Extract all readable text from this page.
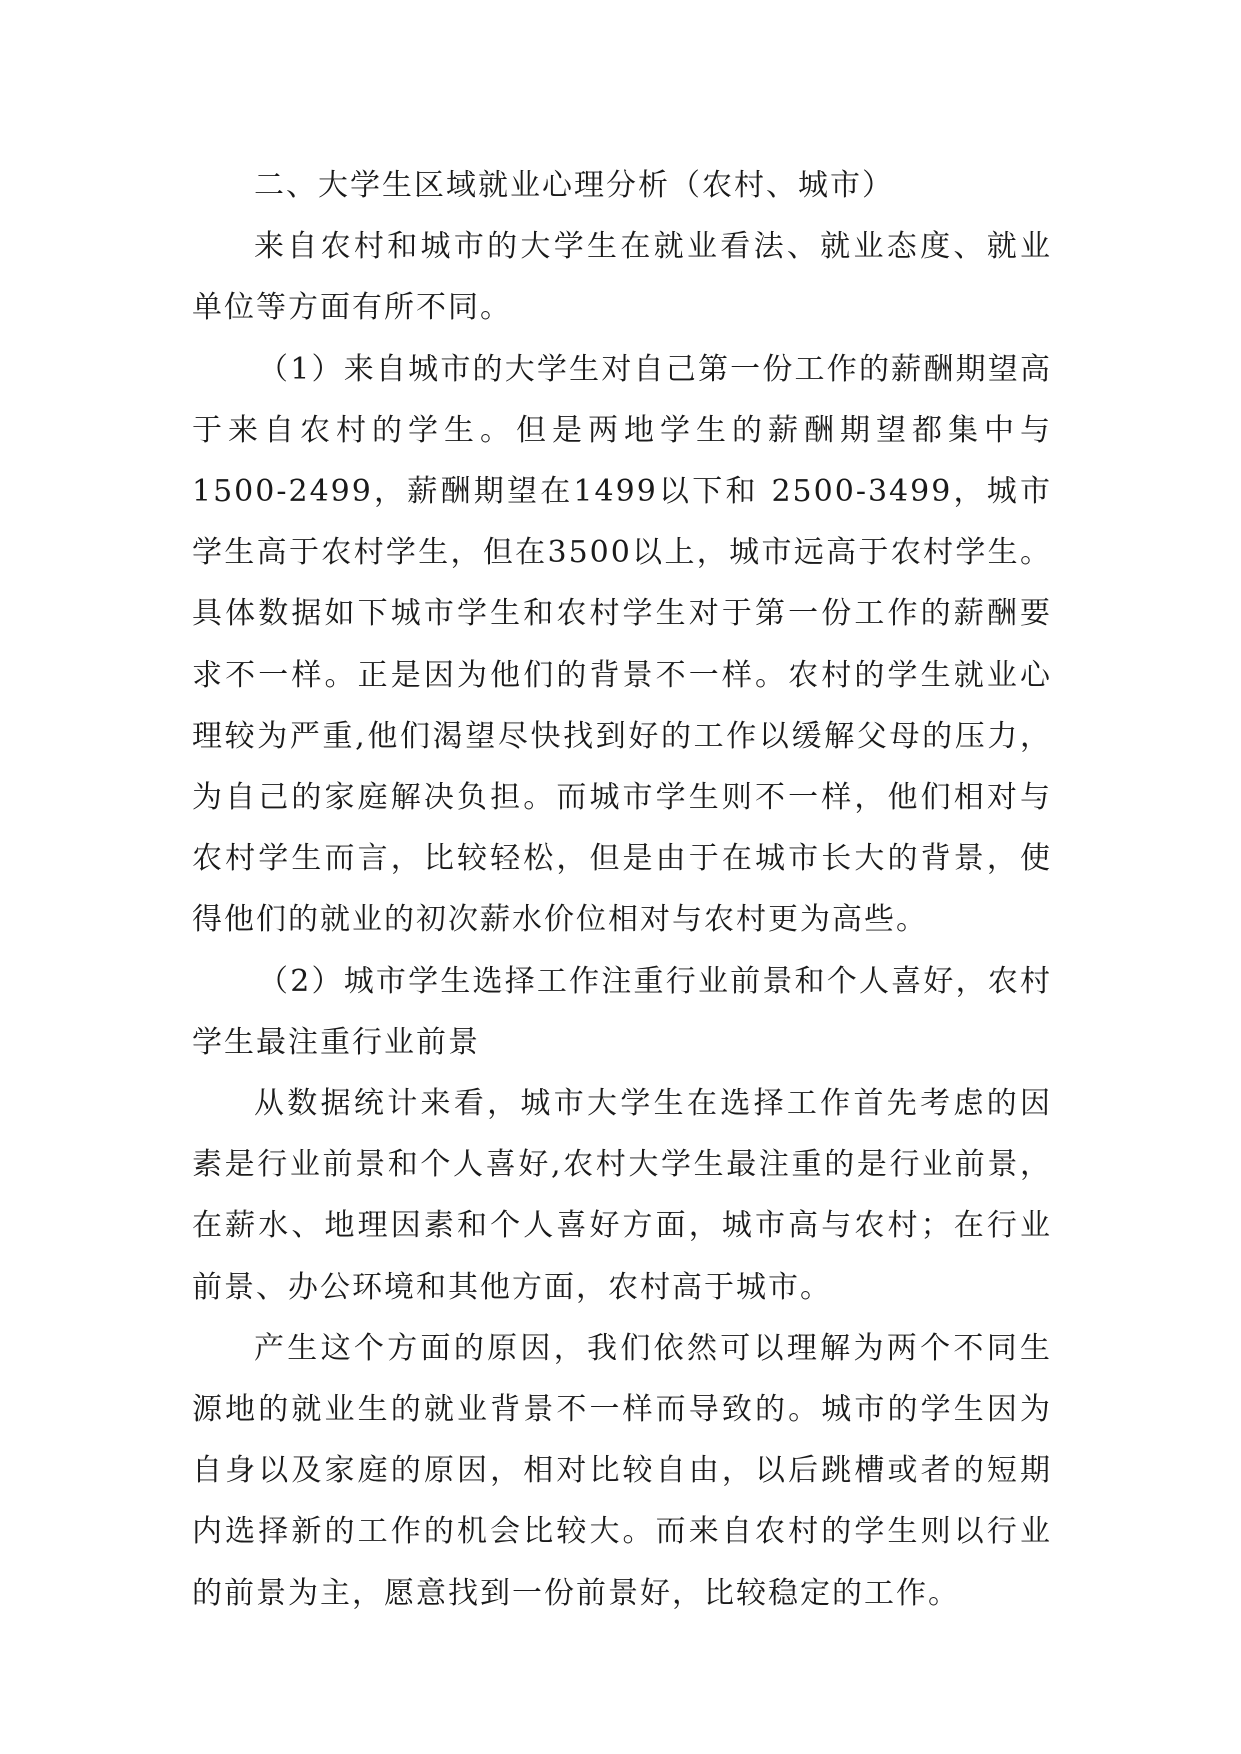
二、大学生区域就业心理分析（农村、城市）

来自农村和城市的大学生在就业看法、就业态度、就业单位等方面有所不同。

（1）来自城市的大学生对自己第一份工作的薪酬期望高于来自农村的学生。但是两地学生的薪酬期望都集中与1500-2499，薪酬期望在1499以下和 2500-3499，城市学生高于农村学生，但在3500以上，城市远高于农村学生。具体数据如下城市学生和农村学生对于第一份工作的薪酬要求不一样。正是因为他们的背景不一样。农村的学生就业心理较为严重,他们渴望尽快找到好的工作以缓解父母的压力，为自己的家庭解决负担。而城市学生则不一样，他们相对与农村学生而言，比较轻松，但是由于在城市长大的背景，使得他们的就业的初次薪水价位相对与农村更为高些。

（2）城市学生选择工作注重行业前景和个人喜好，农村学生最注重行业前景

从数据统计来看，城市大学生在选择工作首先考虑的因素是行业前景和个人喜好,农村大学生最注重的是行业前景，在薪水、地理因素和个人喜好方面，城市高与农村；在行业前景、办公环境和其他方面，农村高于城市。

产生这个方面的原因，我们依然可以理解为两个不同生源地的就业生的就业背景不一样而导致的。城市的学生因为自身以及家庭的原因，相对比较自由，以后跳槽或者的短期内选择新的工作的机会比较大。而来自农村的学生则以行业的前景为主，愿意找到一份前景好，比较稳定的工作。
